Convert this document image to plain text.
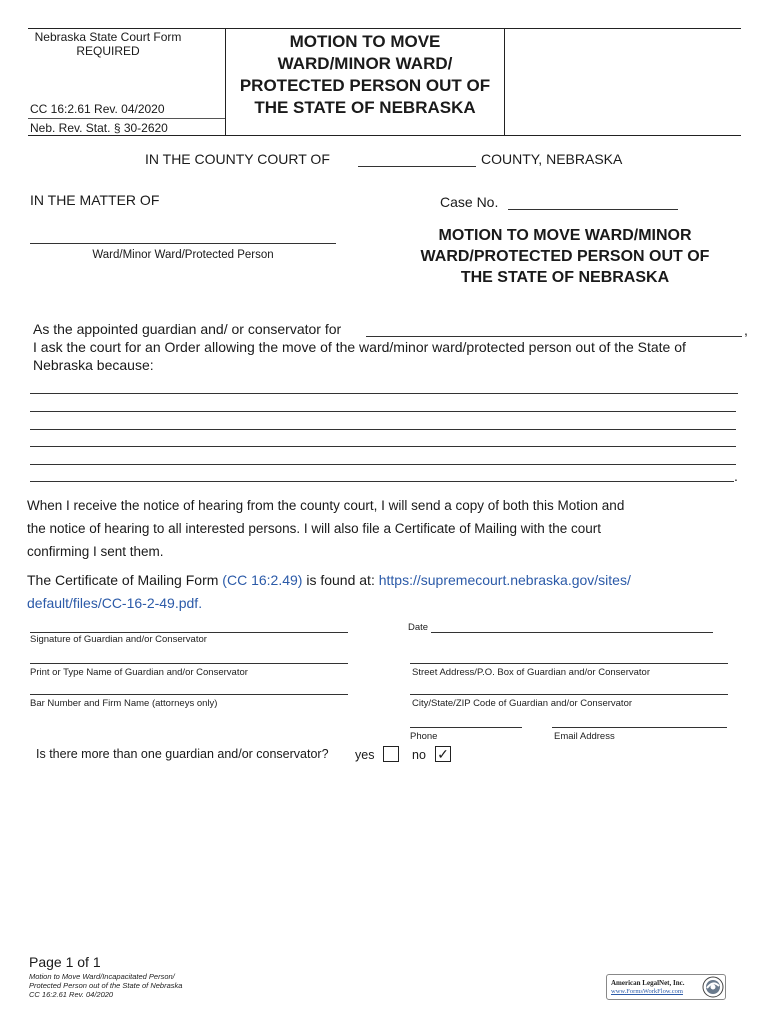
Nebraska State Court Form
REQUIRED
CC 16:2.61 Rev. 04/2020
Neb. Rev. Stat. § 30-2620
MOTION TO MOVE
WARD/MINOR WARD/
PROTECTED PERSON OUT OF
THE STATE OF NEBRASKA
IN THE COUNTY COURT OF	COUNTY, NEBRASKA
IN THE MATTER OF	Case No.
Ward/Minor Ward/Protected Person
MOTION TO MOVE WARD/MINOR
WARD/PROTECTED PERSON OUT OF
THE STATE OF NEBRASKA
As the appointed guardian and/ or conservator for	,
I ask the court for an Order allowing the move of the ward/minor ward/protected person out of the State of
Nebraska because:
.
When I receive the notice of hearing from the county court, I will send a copy of both this Motion and
the notice of hearing to all interested persons. I will also file a Certificate of Mailing with the court
confirming I sent them.
The Certificate of Mailing Form (CC 16:2.49) is found at: https://supremecourt.nebraska.gov/sites/
default/files/CC-16-2-49.pdf.
Date
Signature of Guardian and/or Conservator
Print or Type Name of Guardian and/or Conservator	Street Address/P.O. Box of Guardian and/or Conservator
Bar Number and Firm Name (attorneys only)	City/State/ZIP Code of Guardian and/or Conservator
Phone	Email Address
Is there more than one guardian and/or conservator? yes	no ✓
Page 1 of 1
Motion to Move Ward/Incapacitated Person/
Protected Person out of the State of Nebraska
CC 16:2.61 Rev. 04/2020
American LegalNet, Inc.
www.FormsWorkFlow.com
